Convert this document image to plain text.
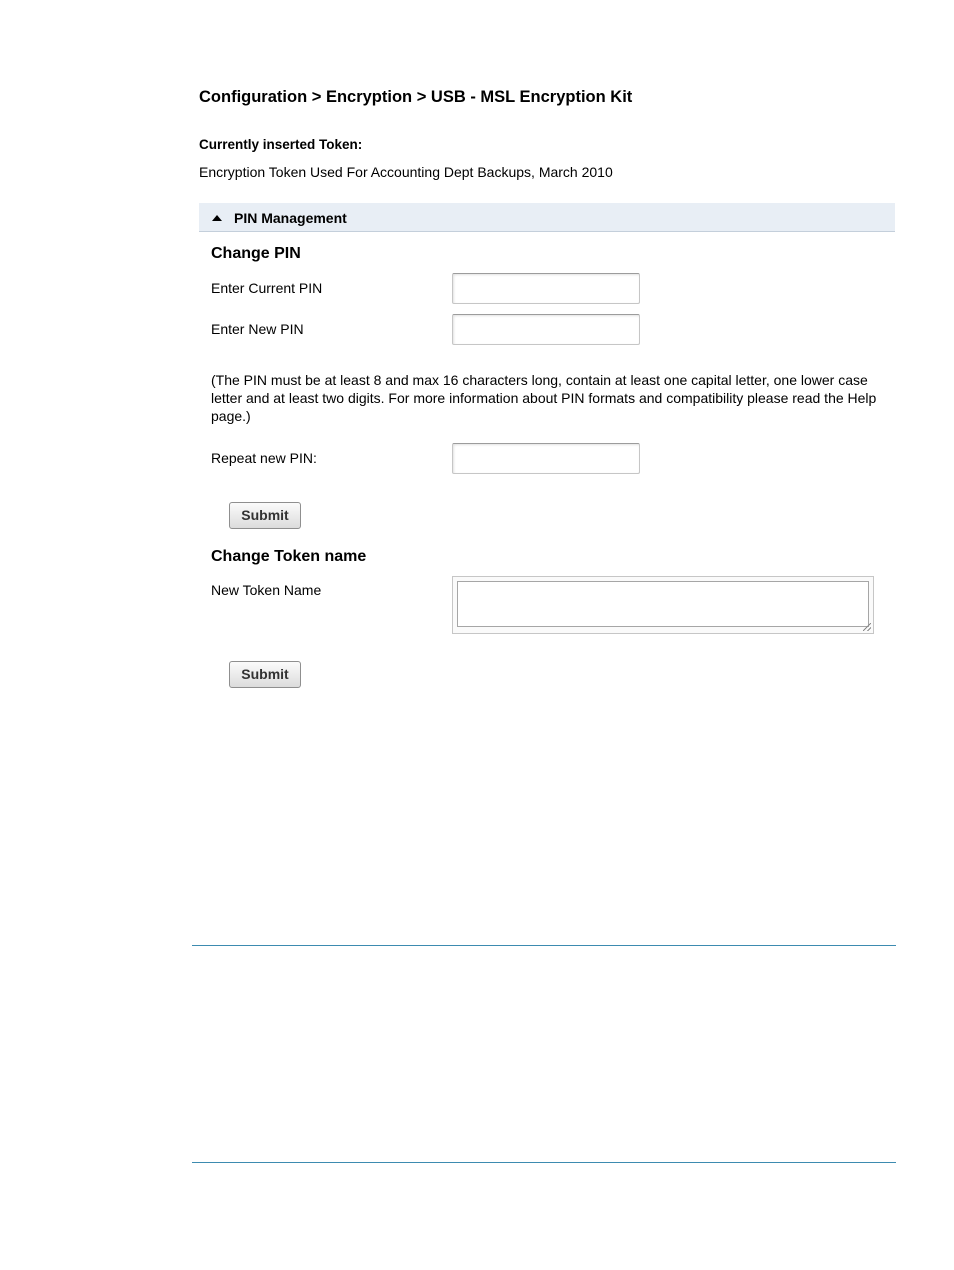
Configuration > Encryption > USB - MSL Encryption Kit
Currently inserted Token:
Encryption Token Used For Accounting Dept Backups, March 2010
PIN Management
Change PIN
Enter Current PIN
Enter New PIN
(The PIN must be at least 8 and max 16 characters long, contain at least one capital letter, one lower case letter and at least two digits. For more information about PIN formats and compatibility please read the Help page.)
Repeat new PIN:
Submit
Change Token name
New Token Name
Submit
